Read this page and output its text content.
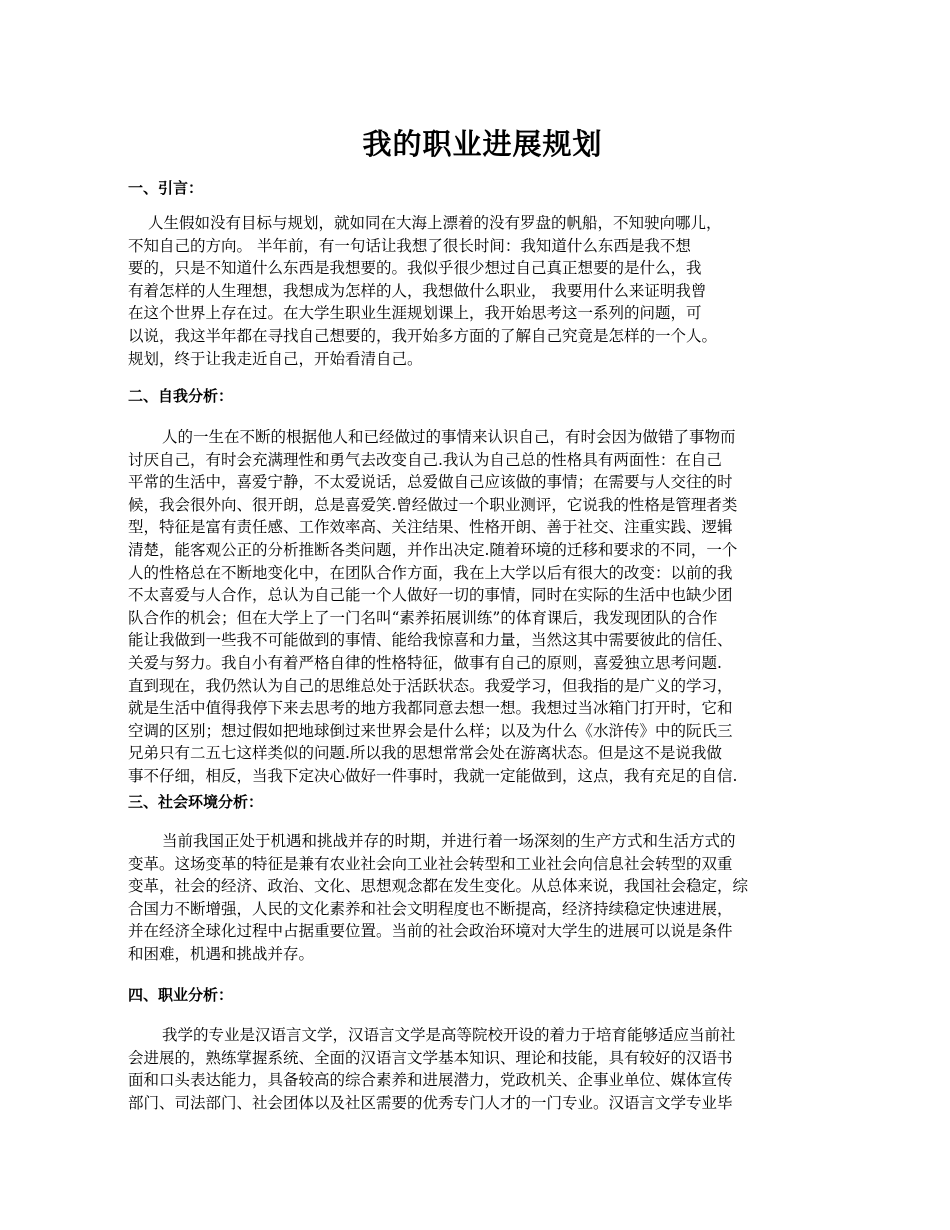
我的职业进展规划
一、引言：
人生假如没有目标与规划，就如同在大海上漂着的没有罗盘的帆船，不知驶向哪儿，
不知自己的方向。 半年前，有一句话让我想了很长时间：我知道什么东西是我不想
要的，只是不知道什么东西是我想要的。我似乎很少想过自己真正想要的是什么，我
有着怎样的人生理想，我想成为怎样的人，我想做什么职业， 我要用什么来证明我曾
在这个世界上存在过。在大学生职业生涯规划课上，我开始思考这一系列的问题，可
以说，我这半年都在寻找自己想要的，我开始多方面的了解自己究竟是怎样的一个人。
规划，终于让我走近自己，开始看清自己。
二、自我分析：
人的一生在不断的根据他人和已经做过的事情来认识自己，有时会因为做错了事物而
讨厌自己，有时会充满理性和勇气去改变自己.我认为自己总的性格具有两面性：在自己
平常的生活中，喜爱宁静，不太爱说话，总爱做自己应该做的事情；在需要与人交往的时
候，我会很外向、很开朗，总是喜爱笑.曾经做过一个职业测评，它说我的性格是管理者类
型，特征是富有责任感、工作效率高、关注结果、性格开朗、善于社交、注重实践、逻辑
清楚，能客观公正的分析推断各类问题，并作出决定.随着环境的迁移和要求的不同，一个
人的性格总在不断地变化中，在团队合作方面，我在上大学以后有很大的改变：以前的我
不太喜爱与人合作，总认为自己能一个人做好一切的事情，同时在实际的生活中也缺少团
队合作的机会；但在大学上了一门名叫“素养拓展训练”的体育课后，我发现团队的合作
能让我做到一些我不可能做到的事情、能给我惊喜和力量，当然这其中需要彼此的信任、
关爱与努力。我自小有着严格自律的性格特征，做事有自己的原则，喜爱独立思考问题.
直到现在，我仍然认为自己的思维总处于活跃状态。我爱学习，但我指的是广义的学习，
就是生活中值得我停下来去思考的地方我都同意去想一想。我想过当冰箱门打开时，它和
空调的区别；想过假如把地球倒过来世界会是什么样；以及为什么《水浒传》中的阮氏三
兄弟只有二五七这样类似的问题.所以我的思想常常会处在游离状态。但是这不是说我做
事不仔细，相反，当我下定决心做好一件事时，我就一定能做到，这点，我有充足的自信.
三、社会环境分析：
当前我国正处于机遇和挑战并存的时期，并进行着一场深刻的生产方式和生活方式的
变革。这场变革的特征是兼有农业社会向工业社会转型和工业社会向信息社会转型的双重
变革，社会的经济、政治、文化、思想观念都在发生变化。从总体来说，我国社会稳定，综
合国力不断增强，人民的文化素养和社会文明程度也不断提高，经济持续稳定快速进展，
并在经济全球化过程中占据重要位置。当前的社会政治环境对大学生的进展可以说是条件
和困难，机遇和挑战并存。
四、职业分析：
我学的专业是汉语言文学，汉语言文学是高等院校开设的着力于培育能够适应当前社
会进展的，熟练掌握系统、全面的汉语言文学基本知识、理论和技能，具有较好的汉语书
面和口头表达能力，具备较高的综合素养和进展潜力，党政机关、企事业单位、媒体宣传
部门、司法部门、社会团体以及社区需要的优秀专门人才的一门专业。汉语言文学专业毕
